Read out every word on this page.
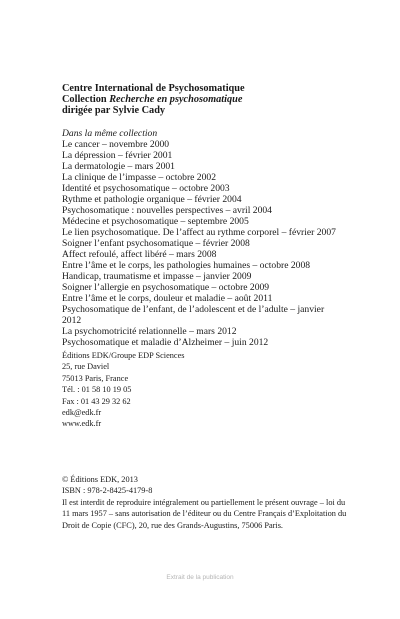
Centre International de Psychosomatique
Collection Recherche en psychosomatique
dirigée par Sylvie Cady
Dans la même collection
Le cancer – novembre 2000
La dépression – février 2001
La dermatologie – mars 2001
La clinique de l’impasse – octobre 2002
Identité et psychosomatique – octobre 2003
Rythme et pathologie organique – février 2004
Psychosomatique : nouvelles perspectives – avril 2004
Médecine et psychosomatique – septembre 2005
Le lien psychosomatique. De l’affect au rythme corporel – février 2007
Soigner l’enfant psychosomatique – février 2008
Affect refoulé, affect libéré – mars 2008
Entre l’âme et le corps, les pathologies humaines – octobre 2008
Handicap, traumatisme et impasse – janvier 2009
Soigner l’allergie en psychosomatique – octobre 2009
Entre l’âme et le corps, douleur et maladie – août 2011
Psychosomatique de l’enfant, de l’adolescent et de l’adulte – janvier 2012
La psychomotricité relationnelle – mars 2012
Psychosomatique et maladie d’Alzheimer – juin 2012
Éditions EDK/Groupe EDP Sciences
25, rue Daviel
75013 Paris, France
Tél. : 01 58 10 19 05
Fax : 01 43 29 32 62
edk@edk.fr
www.edk.fr
© Éditions EDK, 2013
ISBN : 978-2-8425-4179-8
Il est interdit de reproduire intégralement ou partiellement le présent ouvrage – loi du 11 mars 1957 – sans autorisation de l’éditeur ou du Centre Français d’Exploitation du Droit de Copie (CFC), 20, rue des Grands-Augustins, 75006 Paris.
Extrait de la publication
